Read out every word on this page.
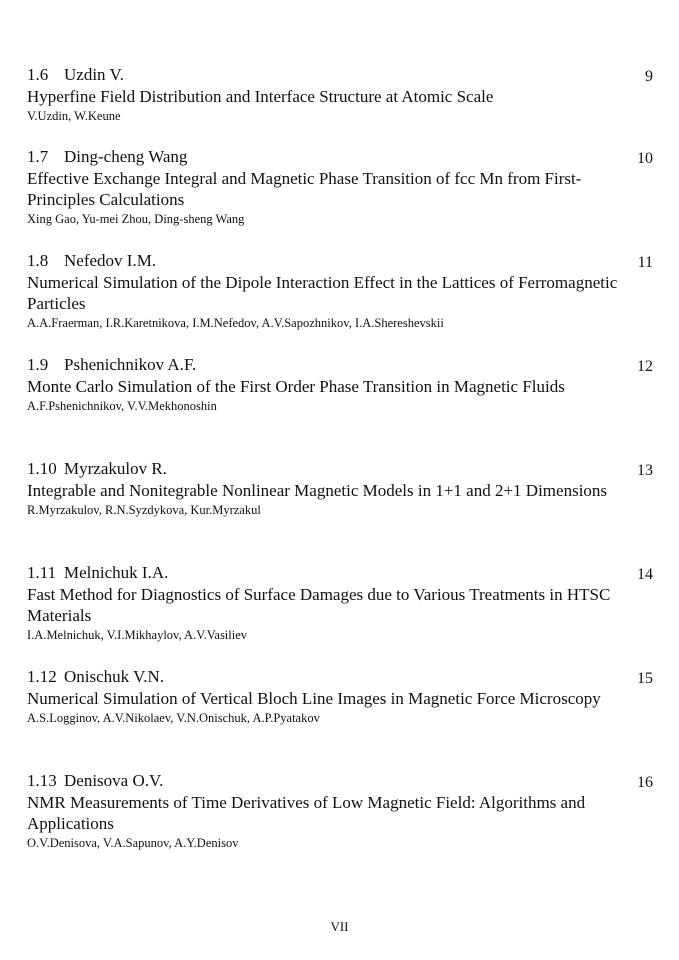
1.6 Uzdin V.	9
Hyperfine Field Distribution and Interface Structure at Atomic Scale
V.Uzdin, W.Keune
1.7 Ding-cheng Wang	10
Effective Exchange Integral and Magnetic Phase Transition of fcc Mn from First-Principles Calculations
Xing Gao, Yu-mei Zhou, Ding-sheng Wang
1.8 Nefedov I.M.	11
Numerical Simulation of the Dipole Interaction Effect in the Lattices of Ferromagnetic Particles
A.A.Fraerman, I.R.Karetnikova, I.M.Nefedov, A.V.Sapozhnikov, I.A.Shereshevskii
1.9 Pshenichnikov A.F.	12
Monte Carlo Simulation of the First Order Phase Transition in Magnetic Fluids
A.F.Pshenichnikov, V.V.Mekhonoshin
1.10 Myrzakulov R.	13
Integrable and Nonitegrable Nonlinear Magnetic Models in 1+1 and 2+1 Dimensions
R.Myrzakulov, R.N.Syzdykova, Kur.Myrzakul
1.11 Melnichuk I.A.	14
Fast Method for Diagnostics of Surface Damages due to Various Treatments in HTSC Materials
I.A.Melnichuk, V.I.Mikhaylov, A.V.Vasiliev
1.12 Onischuk V.N.	15
Numerical Simulation of Vertical Bloch Line Images in Magnetic Force Microscopy
A.S.Logginov, A.V.Nikolaev, V.N.Onischuk, A.P.Pyatakov
1.13 Denisova O.V.	16
NMR Measurements of Time Derivatives of Low Magnetic Field: Algorithms and Applications
O.V.Denisova, V.A.Sapunov, A.Y.Denisov
VII
